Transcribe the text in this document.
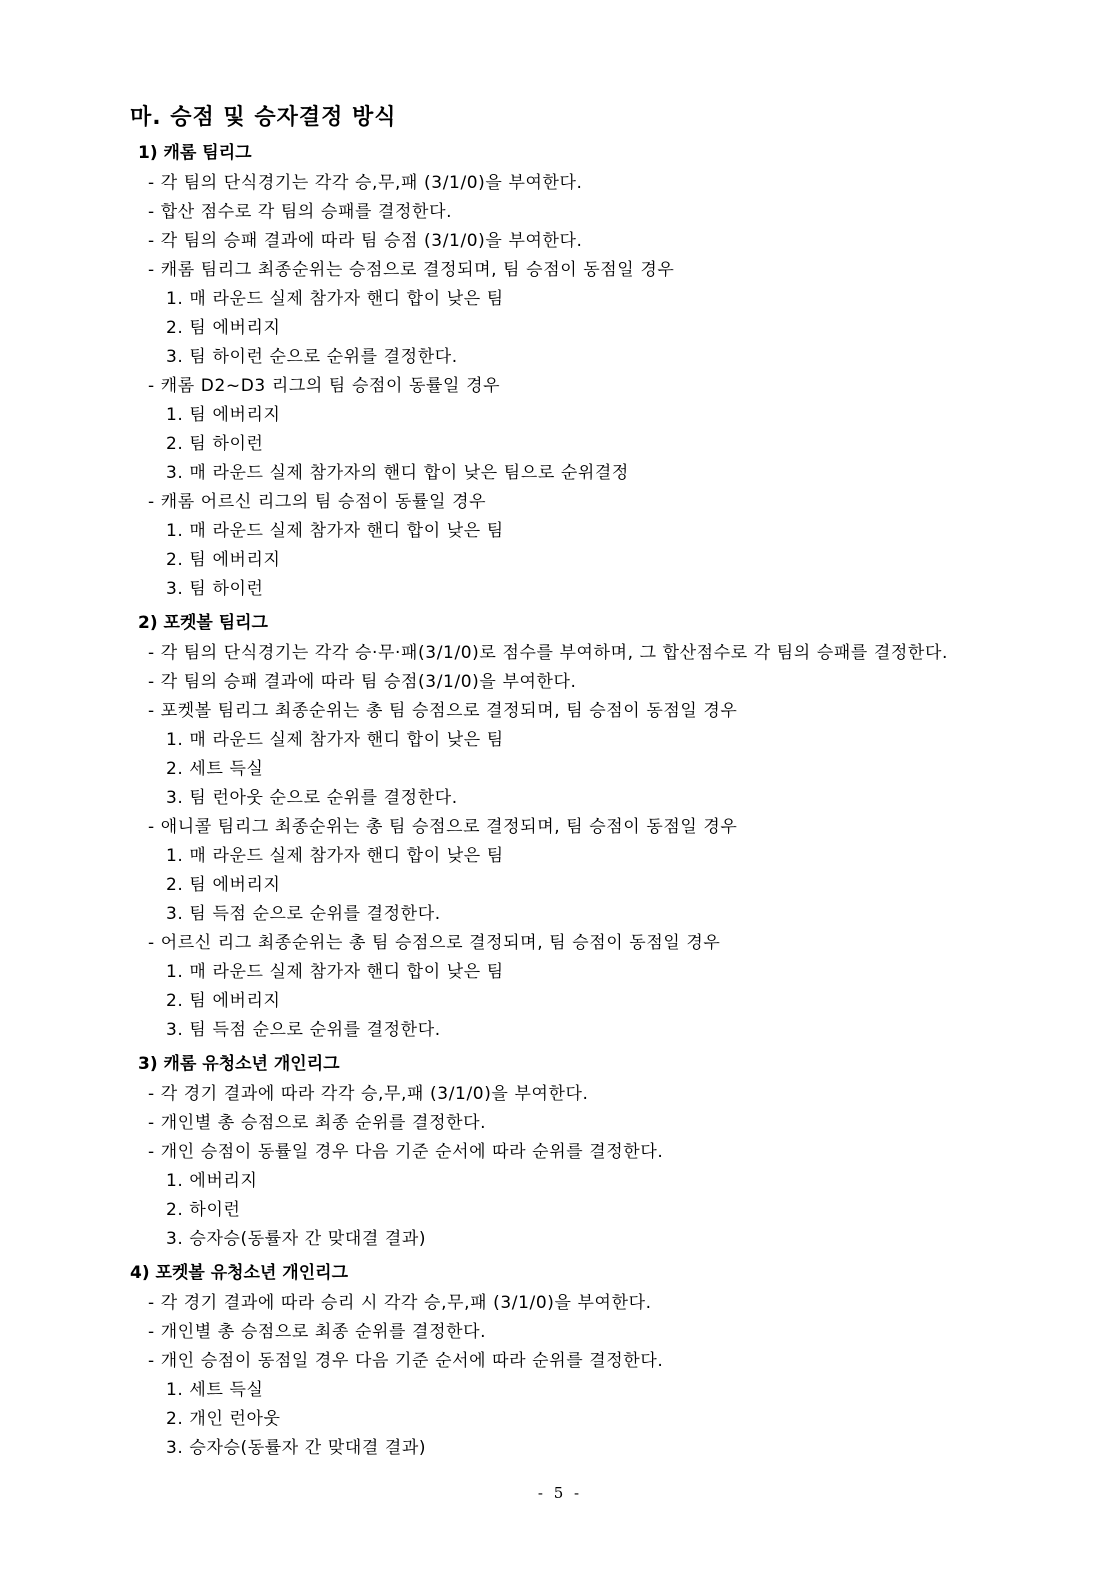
마. 승점 및 승자결정 방식
1) 캐롬 팀리그
- 각 팀의 단식경기는 각각 승,무,패 (3/1/0)을 부여한다.
- 합산 점수로 각 팀의 승패를 결정한다.
- 각 팀의 승패 결과에 따라 팀 승점 (3/1/0)을 부여한다.
- 캐롬 팀리그 최종순위는 승점으로 결정되며, 팀 승점이 동점일 경우
1. 매 라운드 실제 참가자 핸디 합이 낮은 팀
2. 팀 에버리지
3. 팀 하이런 순으로 순위를 결정한다.
- 캐롬 D2~D3 리그의 팀 승점이 동률일 경우
1. 팀 에버리지
2. 팀 하이런
3. 매 라운드 실제 참가자의 핸디 합이 낮은 팀으로 순위결정
- 캐롬 어르신 리그의 팀 승점이 동률일 경우
1. 매 라운드 실제 참가자 핸디 합이 낮은 팀
2. 팀 에버리지
3. 팀 하이런
2) 포켓볼 팀리그
- 각 팀의 단식경기는 각각 승·무·패(3/1/0)로 점수를 부여하며, 그 합산점수로 각 팀의 승패를 결정한다.
- 각 팀의 승패 결과에 따라 팀 승점(3/1/0)을 부여한다.
- 포켓볼 팀리그 최종순위는 총 팀 승점으로 결정되며, 팀 승점이 동점일 경우
1. 매 라운드 실제 참가자 핸디 합이 낮은 팀
2. 세트 득실
3. 팀 런아웃 순으로 순위를 결정한다.
- 애니콜 팀리그 최종순위는 총 팀 승점으로 결정되며, 팀 승점이 동점일 경우
1. 매 라운드 실제 참가자 핸디 합이 낮은 팀
2. 팀 에버리지
3. 팀 득점 순으로 순위를 결정한다.
- 어르신 리그 최종순위는 총 팀 승점으로 결정되며, 팀 승점이 동점일 경우
1. 매 라운드 실제 참가자 핸디 합이 낮은 팀
2. 팀 에버리지
3. 팀 득점 순으로 순위를 결정한다.
3) 캐롬 유청소년 개인리그
- 각 경기 결과에 따라 각각 승,무,패 (3/1/0)을 부여한다.
- 개인별 총 승점으로 최종 순위를 결정한다.
- 개인 승점이 동률일 경우 다음 기준 순서에 따라 순위를 결정한다.
1. 에버리지
2. 하이런
3. 승자승(동률자 간 맞대결 결과)
4) 포켓볼 유청소년 개인리그
- 각 경기 결과에 따라 승리 시 각각 승,무,패 (3/1/0)을 부여한다.
- 개인별 총 승점으로 최종 순위를 결정한다.
- 개인 승점이 동점일 경우 다음 기준 순서에 따라 순위를 결정한다.
1. 세트 득실
2. 개인 런아웃
3. 승자승(동률자 간 맞대결 결과)
- 5 -
